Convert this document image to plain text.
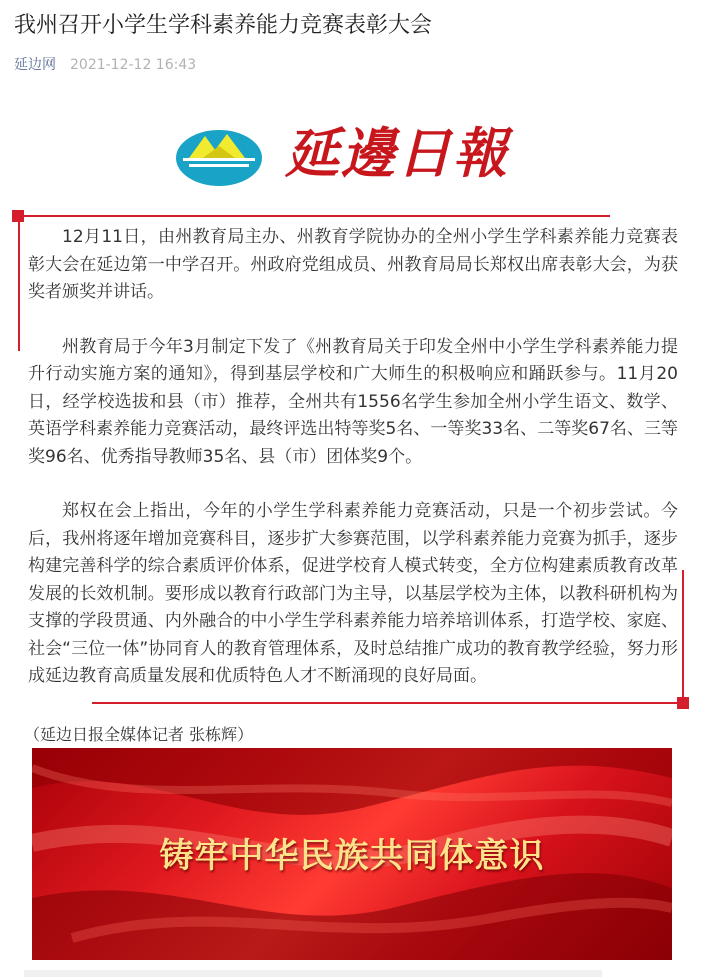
我州召开小学生学科素养能力竞赛表彰大会
延边网 2021-12-12 16:43
延邊日報

12月11日，由州教育局主办、州教育学院协办的全州小学生学科素养能力竞赛表彰大会在延边第一中学召开。州政府党组成员、州教育局局长郑权出席表彰大会，为获奖者颁奖并讲话。

州教育局于今年3月制定下发了《州教育局关于印发全州中小学生学科素养能力提升行动实施方案的通知》，得到基层学校和广大师生的积极响应和踊跃参与。11月20日，经学校选拔和县（市）推荐，全州共有1556名学生参加全州小学生语文、数学、英语学科素养能力竞赛活动，最终评选出特等奖5名、一等奖33名、二等奖67名、三等奖96名、优秀指导教师35名、县（市）团体奖9个。

郑权在会上指出，今年的小学生学科素养能力竞赛活动，只是一个初步尝试。今后，我州将逐年增加竞赛科目，逐步扩大参赛范围，以学科素养能力竞赛为抓手，逐步构建完善科学的综合素质评价体系，促进学校育人模式转变，全方位构建素质教育改革发展的长效机制。要形成以教育行政部门为主导，以基层学校为主体，以教科研机构为支撑的学段贯通、内外融合的中小学生学科素养能力培养培训体系，打造学校、家庭、社会“三位一体”协同育人的教育管理体系，及时总结推广成功的教育教学经验，努力形成延边教育高质量发展和优质特色人才不断涌现的良好局面。

（延边日报全媒体记者 张栋辉）
铸牢中华民族共同体意识
